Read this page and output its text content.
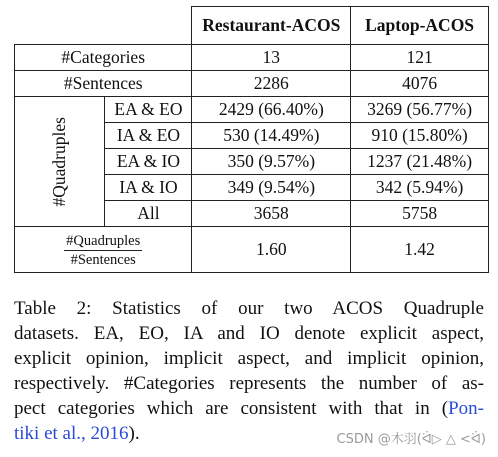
		Restaurant-ACOS	Laptop-ACOS
#Categories		13	121
#Sentences		2286	4076
#Quadruples	EA & EO	2429 (66.40%)	3269 (56.77%)
	IA & EO	530 (14.49%)	910 (15.80%)
	EA & IO	350 (9.57%)	1237 (21.48%)
	IA & IO	349 (9.54%)	342 (5.94%)
	All	3658	5758

$\frac{\text{\#Quadruples}}{\text{\#Sentences}}$		1.60	1.42
Table 2: Statistics of our two ACOS Quadruple
datasets. EA, EO, IA and IO denote explicit aspect,
explicit opinion, implicit aspect, and implicit opinion,
respectively. #Categories represents the number of as-
pect categories which are consistent with that in (Pon-
tiki et al., 2016).	CSDN @木羽(ᐛ▷ △ <ᐛ)
